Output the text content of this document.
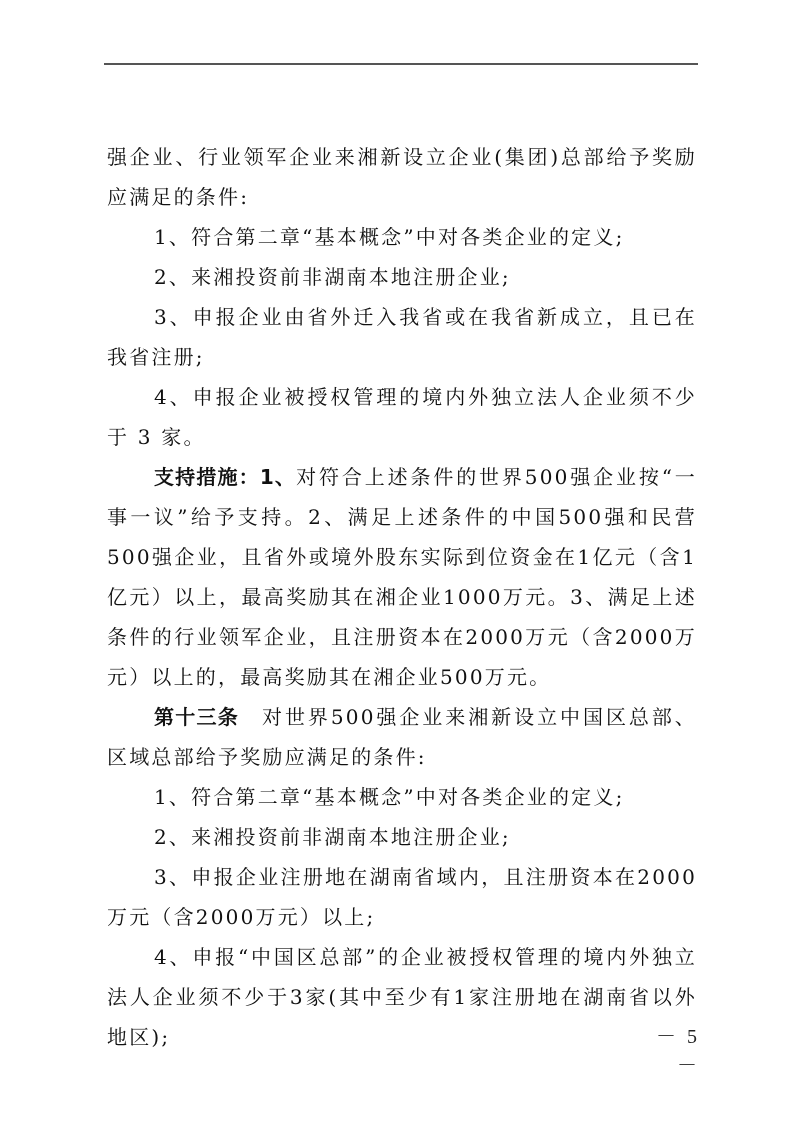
强企业、行业领军企业来湘新设立企业(集团)总部给予奖励应满足的条件:

1、符合第二章“基本概念”中对各类企业的定义;

2、来湘投资前非湖南本地注册企业;

3、申报企业由省外迁入我省或在我省新成立，且已在我省注册;

4、申报企业被授权管理的境内外独立法人企业须不少于 3 家。

支持措施：1、对符合上述条件的世界500强企业按“一事一议”给予支持。2、满足上述条件的中国500强和民营500强企业，且省外或境外股东实际到位资金在1亿元（含1亿元）以上，最高奖励其在湘企业1000万元。3、满足上述条件的行业领军企业，且注册资本在2000万元（含2000万元）以上的，最高奖励其在湘企业500万元。

第十三条　对世界500强企业来湘新设立中国区总部、区域总部给予奖励应满足的条件:

1、符合第二章“基本概念”中对各类企业的定义;

2、来湘投资前非湖南本地注册企业;

3、申报企业注册地在湖南省域内，且注册资本在2000万元（含2000万元）以上;

4、申报“中国区总部”的企业被授权管理的境内外独立法人企业须不少于3家(其中至少有1家注册地在湖南省以外地区);	－ 5 －
